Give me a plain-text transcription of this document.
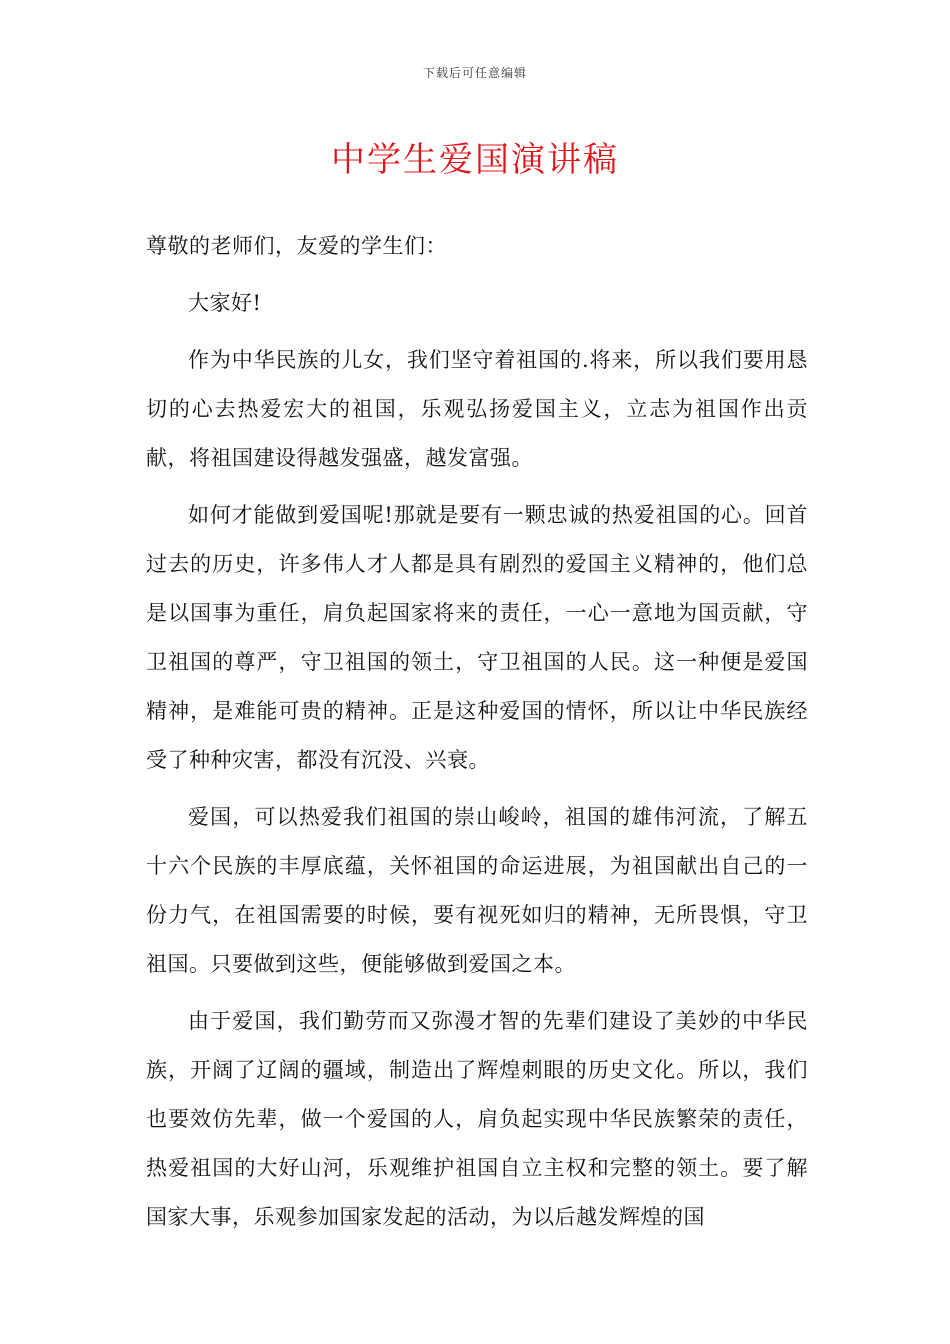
下载后可任意编辑
中学生爱国演讲稿

尊敬的老师们，友爱的学生们：

大家好!

作为中华民族的儿女，我们坚守着祖国的.将来，所以我们要用恳切的心去热爱宏大的祖国，乐观弘扬爱国主义，立志为祖国作出贡献，将祖国建设得越发强盛，越发富强。

如何才能做到爱国呢!那就是要有一颗忠诚的热爱祖国的心。回首过去的历史，许多伟人才人都是具有剧烈的爱国主义精神的，他们总是以国事为重任，肩负起国家将来的责任，一心一意地为国贡献，守卫祖国的尊严，守卫祖国的领土，守卫祖国的人民。这一种便是爱国精神，是难能可贵的精神。正是这种爱国的情怀，所以让中华民族经受了种种灾害，都没有沉没、兴衰。

爱国，可以热爱我们祖国的崇山峻岭，祖国的雄伟河流，了解五十六个民族的丰厚底蕴，关怀祖国的命运进展，为祖国献出自己的一份力气，在祖国需要的时候，要有视死如归的精神，无所畏惧，守卫祖国。只要做到这些，便能够做到爱国之本。

由于爱国，我们勤劳而又弥漫才智的先辈们建设了美妙的中华民族，开阔了辽阔的疆域，制造出了辉煌刺眼的历史文化。所以，我们也要效仿先辈，做一个爱国的人，肩负起实现中华民族繁荣的责任，热爱祖国的大好山河，乐观维护祖国自立主权和完整的领土。要了解国家大事，乐观参加国家发起的活动，为以后越发辉煌的国
